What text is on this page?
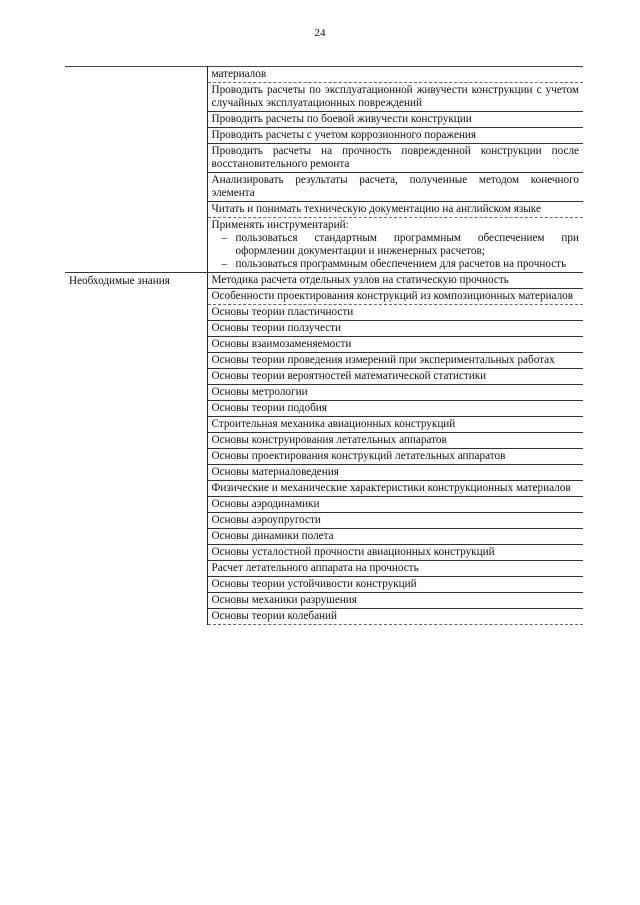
24
	материалов
	Проводить расчеты по эксплуатационной живучести конструкции с учетом случайных эксплуатационных повреждений
	Проводить расчеты по боевой живучести конструкции
	Проводить расчеты с учетом коррозионного поражения
	Проводить расчеты на прочность поврежденной конструкции после восстановительного ремонта
	Анализировать результаты расчета, полученные методом конечного элемента
	Читать и понимать техническую документацию на английском языке

	Применять инструментарий:
– пользоваться стандартным программным обеспечением при оформлении документации и инженерных расчетов;
– пользоваться программным обеспечением для расчетов на прочность

Необходимые знания	Методика расчета отдельных узлов на статическую прочность
	Особенности проектирования конструкций из композиционных материалов
	Основы теории пластичности
	Основы теории ползучести
	Основы взаимозаменяемости
	Основы теории проведения измерений при экспериментальных работах
	Основы теории вероятностей математической статистики
	Основы метрологии
	Основы теории подобия
	Строительная механика авиационных конструкций
	Основы конструирования летательных аппаратов
	Основы проектирования конструкций летательных аппаратов
	Основы материаловедения
	Физические и механические характеристики конструкционных материалов
	Основы аэродинамики
	Основы аэроупругости
	Основы динамики полета
	Основы усталостной прочности авиационных конструкций
	Расчет летательного аппарата на прочность
	Основы теории устойчивости конструкций
	Основы механики разрушения
	Основы теории колебаний
